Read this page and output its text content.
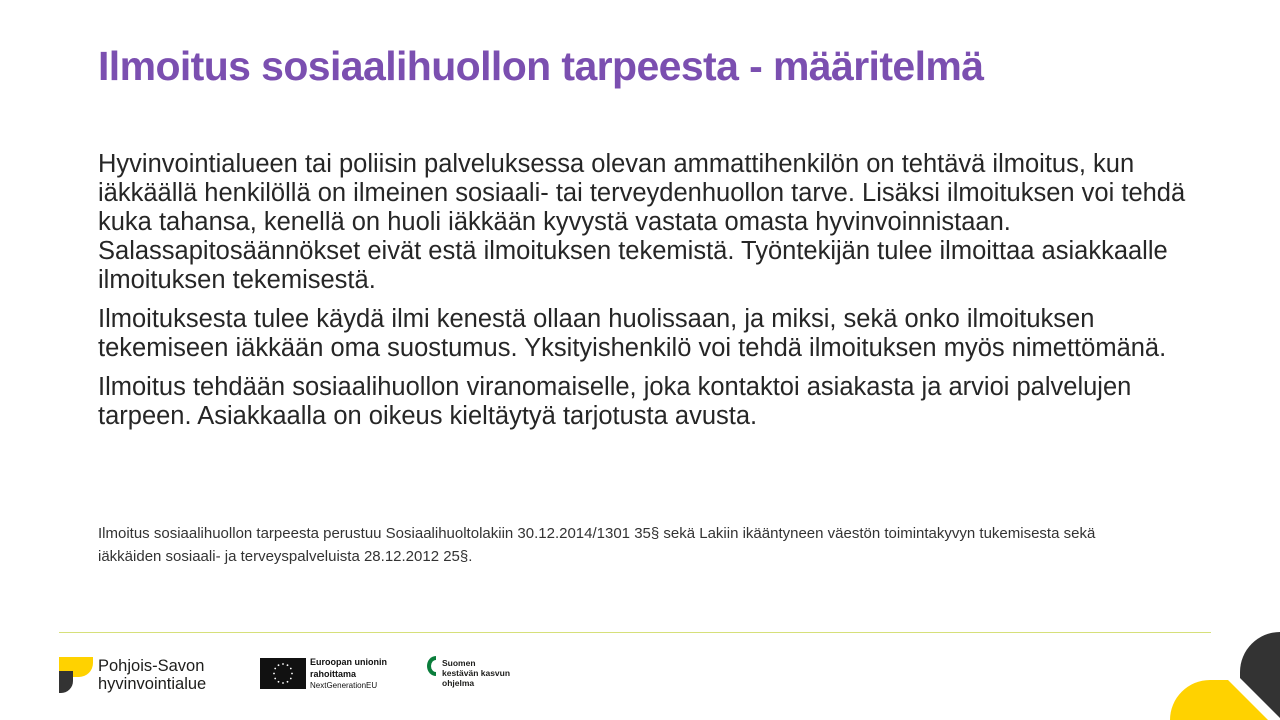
Ilmoitus sosiaalihuollon tarpeesta - määritelmä

Hyvinvointialueen tai poliisin palveluksessa olevan ammattihenkilön on tehtävä ilmoitus, kun iäkkäällä henkilöllä on ilmeinen sosiaali- tai terveydenhuollon tarve. Lisäksi ilmoituksen voi tehdä kuka tahansa, kenellä on huoli iäkkään kyvystä vastata omasta hyvinvoinnistaan. Salassapitosäännökset eivät estä ilmoituksen tekemistä. Työntekijän tulee ilmoittaa asiakkaalle ilmoituksen tekemisestä.

Ilmoituksesta tulee käydä ilmi kenestä ollaan huolissaan, ja miksi, sekä onko ilmoituksen tekemiseen iäkkään oma suostumus. Yksityishenkilö voi tehdä ilmoituksen myös nimettömänä.

Ilmoitus tehdään sosiaalihuollon viranomaiselle, joka kontaktoi asiakasta ja arvioi palvelujen tarpeen. Asiakkaalla on oikeus kieltäytyä tarjotusta avusta.

Ilmoitus sosiaalihuollon tarpeesta perustuu Sosiaalihuoltolakiin 30.12.2014/1301 35§ sekä Lakiin ikääntyneen väestön toimintakyvyn tukemisesta sekä iäkkäiden sosiaali- ja terveyspalveluista 28.12.2012 25§.

Pohjois-Savon
hyvinvointialue
Euroopan unionin
rahoittama
NextGenerationEU
Suomen
kestävän kasvun
ohjelma
